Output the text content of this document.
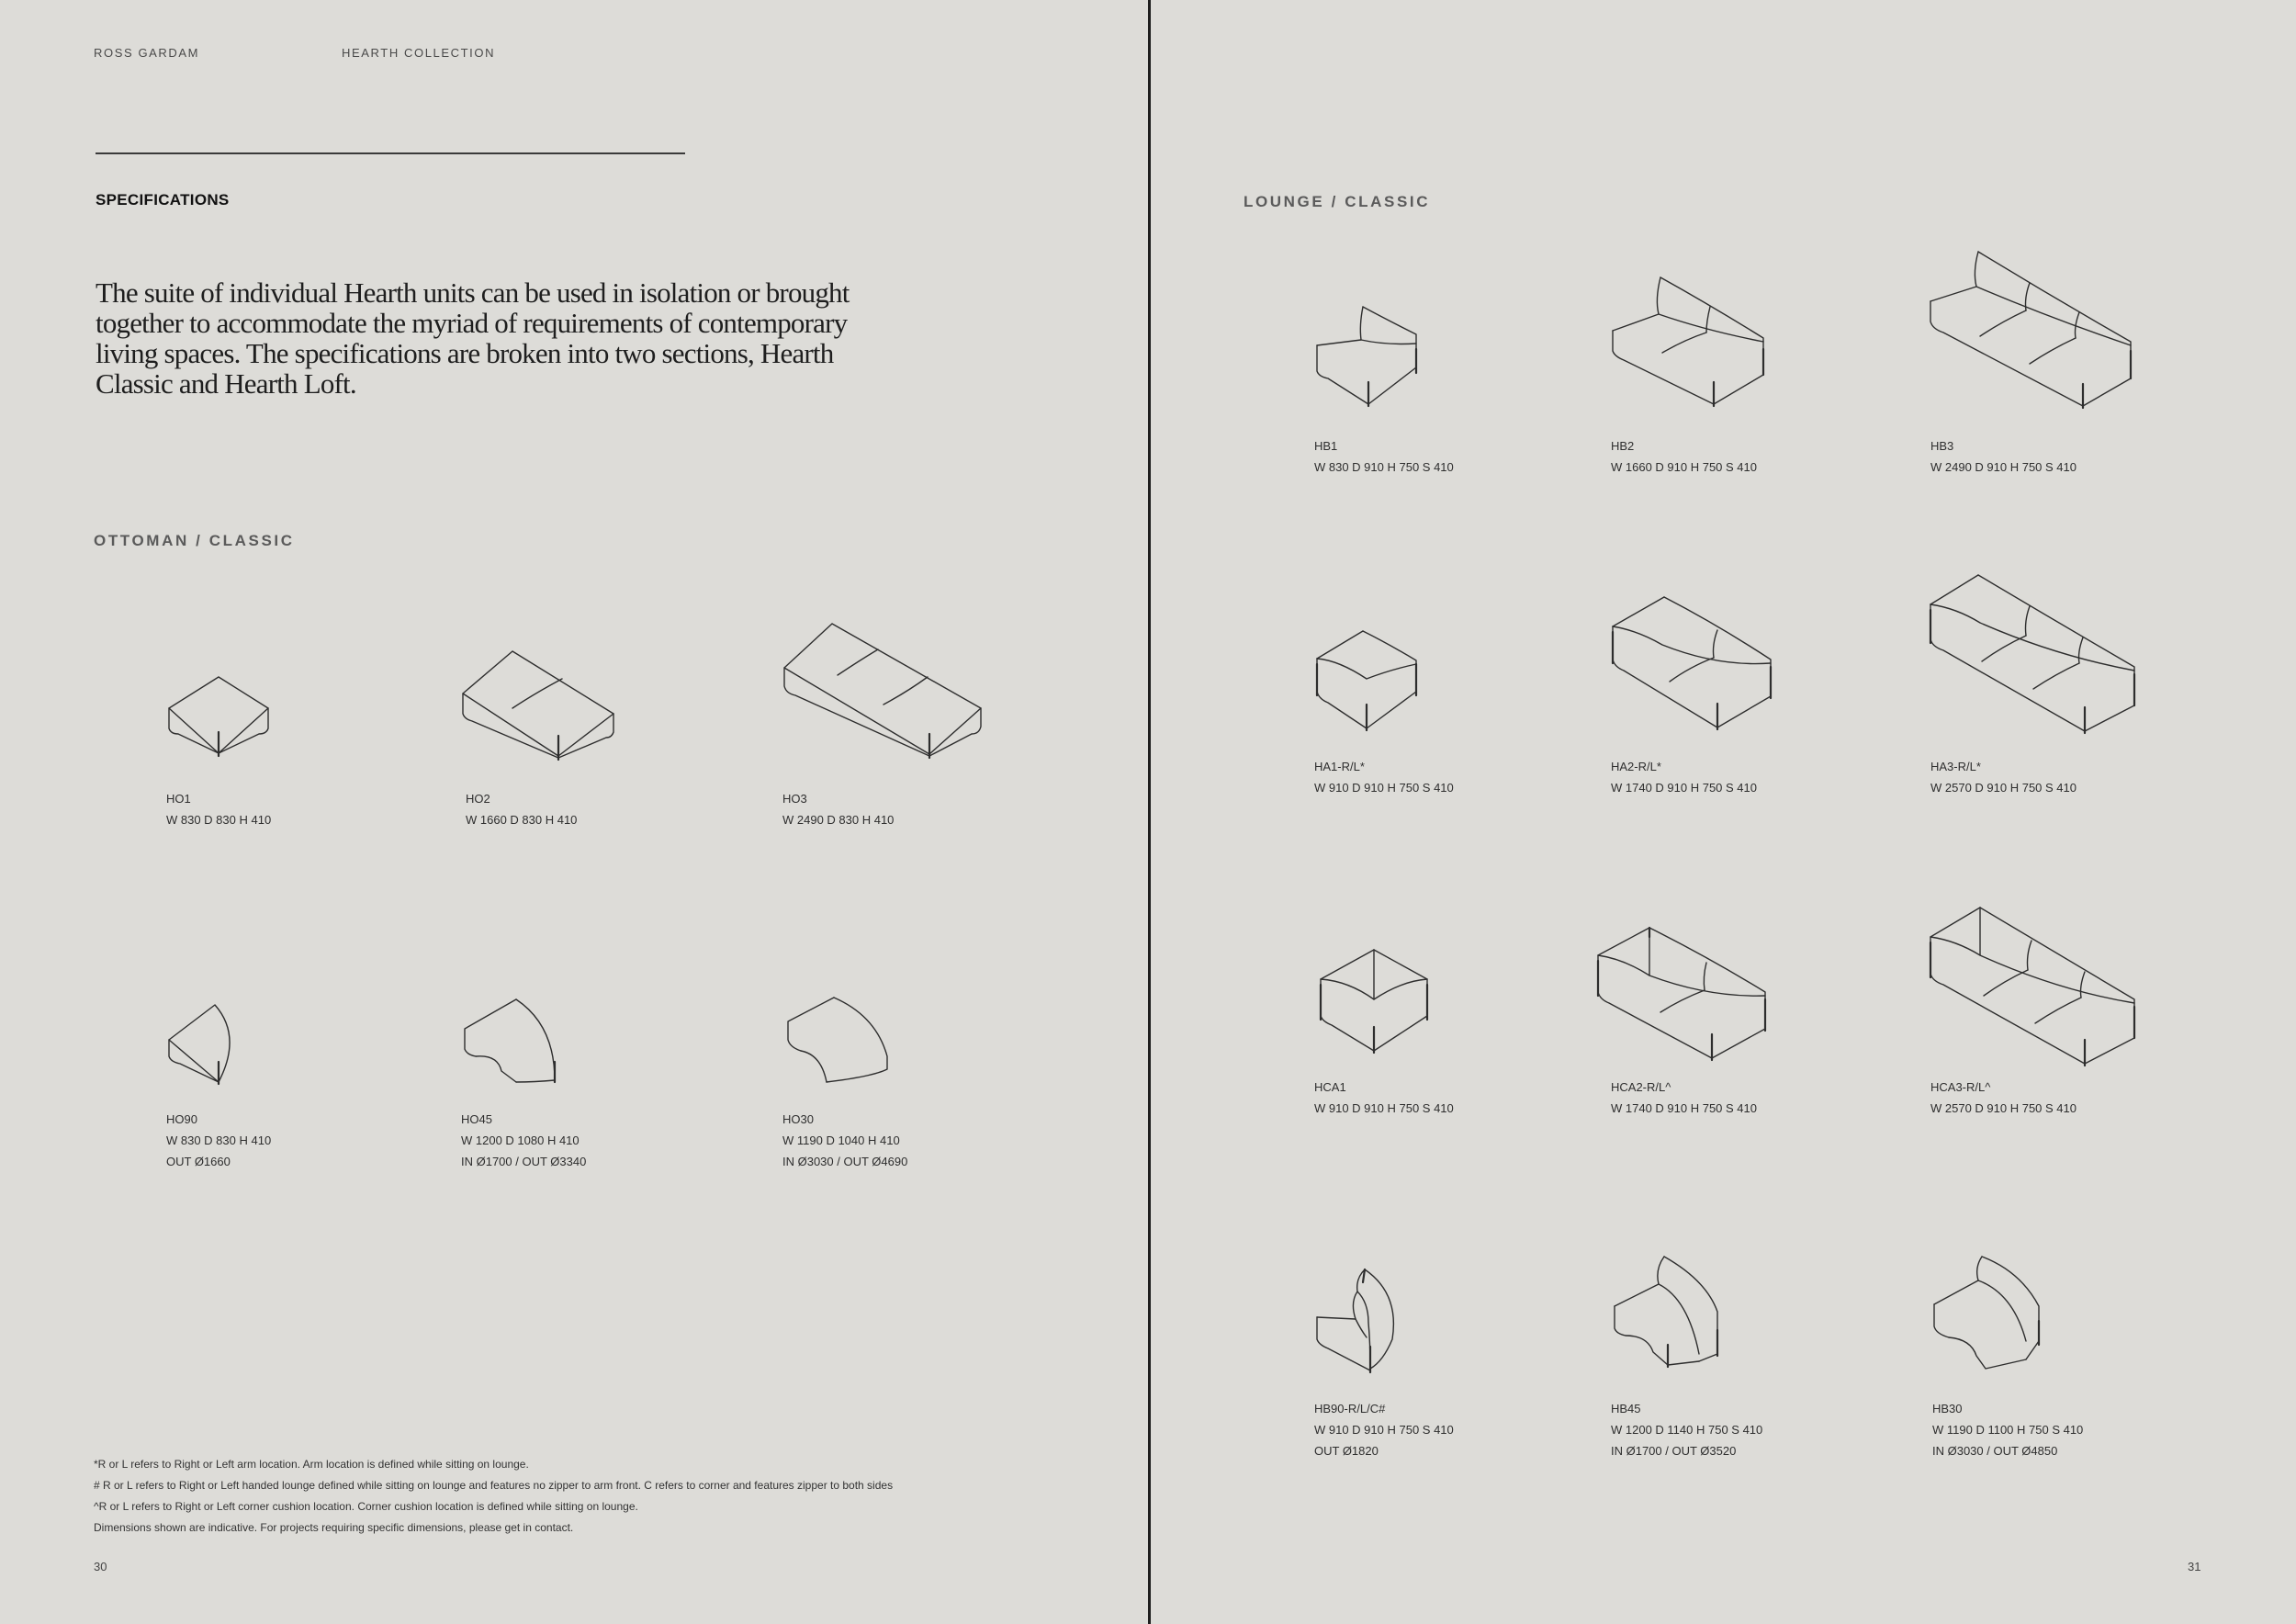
ROSS GARDAM	HEARTH COLLECTION
SPECIFICATIONS
The suite of individual Hearth units can be used in isolation or brought together to accommodate the myriad of requirements of contemporary living spaces. The specifications are broken into two sections, Hearth Classic and Hearth Loft.
OTTOMAN / CLASSIC
HO1
W 830 D 830 H 410
HO2
W 1660 D 830 H 410
HO3
W 2490 D 830 H 410
HO90
W 830 D 830 H 410
OUT Ø1660
HO45
W 1200 D 1080 H 410
IN Ø1700 / OUT Ø3340
HO30
W 1190 D 1040 H 410
IN Ø3030 / OUT Ø4690
*R or L refers to Right or Left arm location. Arm location is defined while sitting on lounge.
# R or L refers to Right or Left handed lounge defined while sitting on lounge and features no zipper to arm front. C refers to corner and features zipper to both sides
^R or L refers to Right or Left corner cushion location. Corner cushion location is defined while sitting on lounge.
Dimensions shown are indicative. For projects requiring specific dimensions, please get in contact.
30
LOUNGE / CLASSIC
HB1
W 830 D 910 H 750 S 410
HB2
W 1660 D 910 H 750 S 410
HB3
W 2490 D 910 H 750 S 410
HA1-R/L*
W 910 D 910 H 750 S 410
HA2-R/L*
W 1740 D 910 H 750 S 410
HA3-R/L*
W 2570 D 910 H 750 S 410
HCA1
W 910 D 910 H 750 S 410
HCA2-R/L^
W 1740 D 910 H 750 S 410
HCA3-R/L^
W 2570 D 910 H 750 S 410
HB90-R/L/C#
W 910 D 910 H 750 S 410
OUT Ø1820
HB45
W 1200 D 1140 H 750 S 410
IN Ø1700 / OUT Ø3520
HB30
W 1190 D 1100 H 750 S 410
IN Ø3030 / OUT Ø4850
31
